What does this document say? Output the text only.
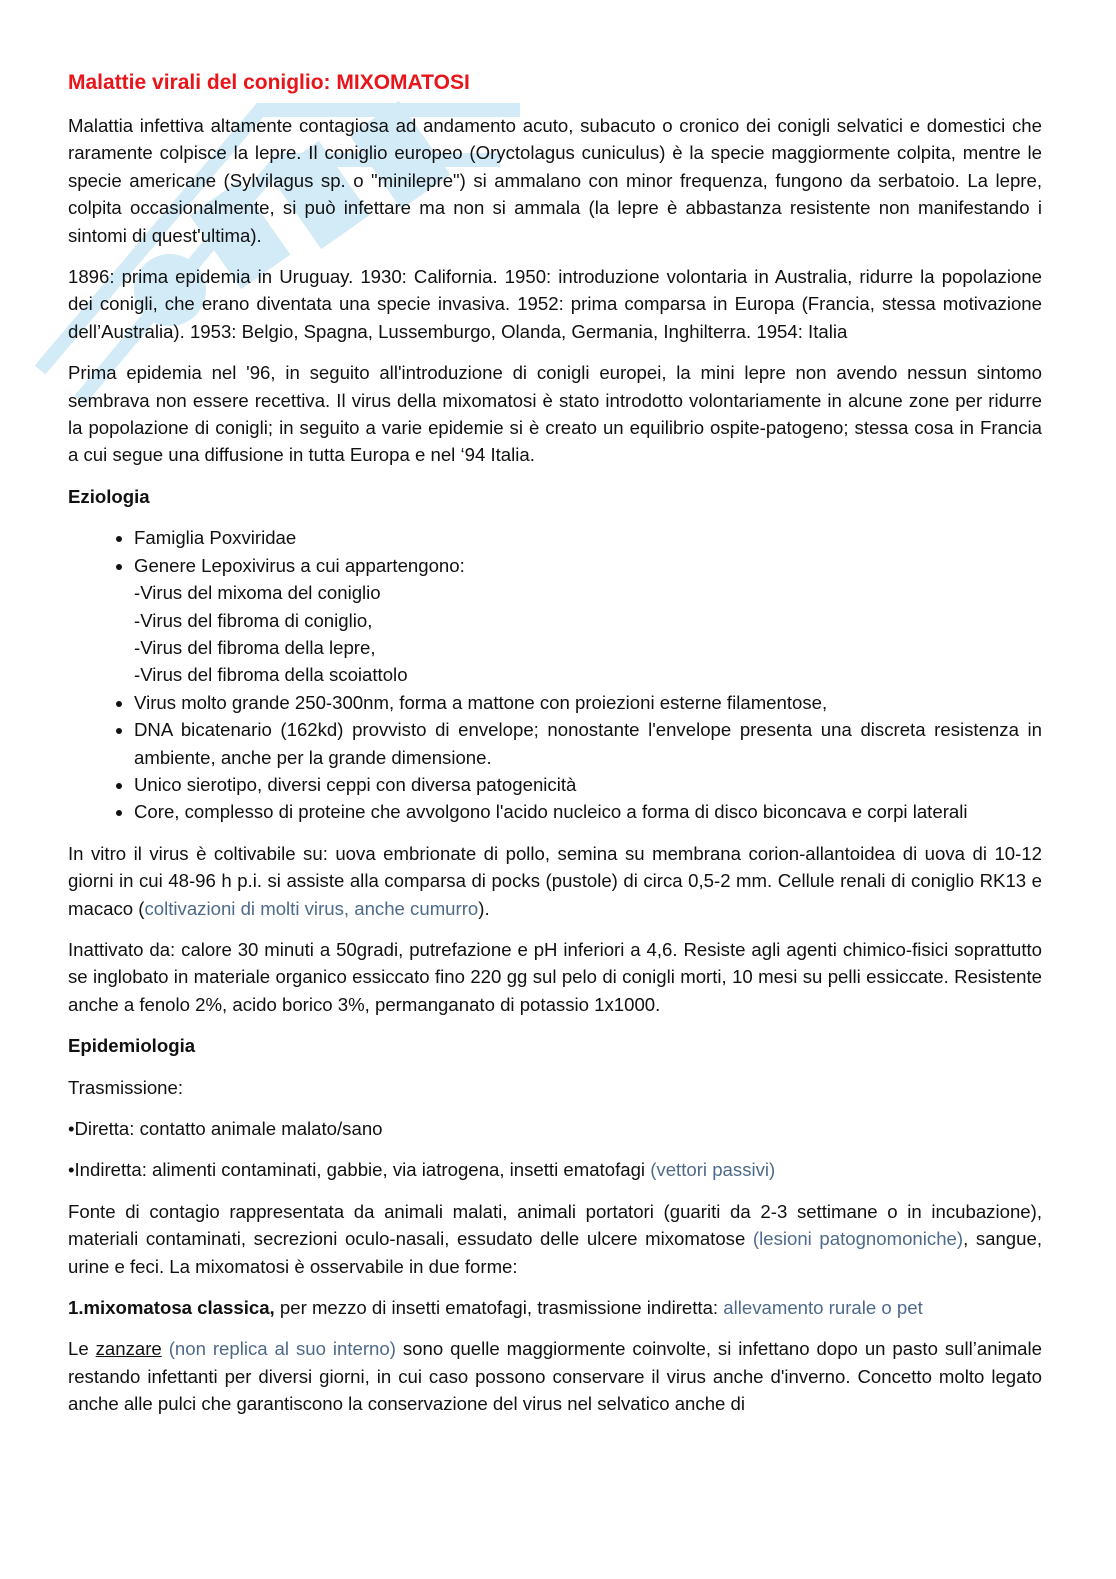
Malattie virali del coniglio: MIXOMATOSI

Malattia infettiva altamente contagiosa ad andamento acuto, subacuto o cronico dei conigli selvatici e domestici che raramente colpisce la lepre. Il coniglio europeo (Oryctolagus cuniculus) è la specie maggiormente colpita, mentre le specie americane (Sylvilagus sp. o "minilepre") si ammalano con minor frequenza, fungono da serbatoio. La lepre, colpita occasionalmente, si può infettare ma non si ammala (la lepre è abbastanza resistente non manifestando i sintomi di quest'ultima).

1896: prima epidemia in Uruguay. 1930: California. 1950: introduzione volontaria in Australia, ridurre la popolazione dei conigli, che erano diventata una specie invasiva. 1952: prima comparsa in Europa (Francia, stessa motivazione dell’Australia). 1953: Belgio, Spagna, Lussemburgo, Olanda, Germania, Inghilterra. 1954: Italia

Prima epidemia nel '96, in seguito all'introduzione di conigli europei, la mini lepre non avendo nessun sintomo sembrava non essere recettiva. Il virus della mixomatosi è stato introdotto volontariamente in alcune zone per ridurre la popolazione di conigli; in seguito a varie epidemie si è creato un equilibrio ospite-patogeno; stessa cosa in Francia a cui segue una diffusione in tutta Europa e nel ‘94 Italia.

Eziologia
• Famiglia Poxviridae
• Genere Lepoxivirus a cui appartengono:
-Virus del mixoma del coniglio
-Virus del fibroma di coniglio,
-Virus del fibroma della lepre,
-Virus del fibroma della scoiattolo
• Virus molto grande 250-300nm, forma a mattone con proiezioni esterne filamentose,
• DNA bicatenario (162kd) provvisto di envelope; nonostante l'envelope presenta una discreta resistenza in ambiente, anche per la grande dimensione.
• Unico sierotipo, diversi ceppi con diversa patogenicità
• Core, complesso di proteine che avvolgono l'acido nucleico a forma di disco biconcava e corpi laterali

In vitro il virus è coltivabile su: uova embrionate di pollo, semina su membrana corion-allantoidea di uova di 10-12 giorni in cui 48-96 h p.i. si assiste alla comparsa di pocks (pustole) di circa 0,5-2 mm. Cellule renali di coniglio RK13 e macaco (coltivazioni di molti virus, anche cumurro).

Inattivato da: calore 30 minuti a 50gradi, putrefazione e pH inferiori a 4,6. Resiste agli agenti chimico-fisici soprattutto se inglobato in materiale organico essiccato fino 220 gg sul pelo di conigli morti, 10 mesi su pelli essiccate. Resistente anche a fenolo 2%, acido borico 3%, permanganato di potassio 1x1000.

Epidemiologia
Trasmissione:
•Diretta: contatto animale malato/sano
•Indiretta: alimenti contaminati, gabbie, via iatrogena, insetti ematofagi (vettori passivi)

Fonte di contagio rappresentata da animali malati, animali portatori (guariti da 2-3 settimane o in incubazione), materiali contaminati, secrezioni oculo-nasali, essudato delle ulcere mixomatose (lesioni patognomoniche), sangue, urine e feci. La mixomatosi è osservabile in due forme:

1.mixomatosa classica, per mezzo di insetti ematofagi, trasmissione indiretta: allevamento rurale o pet

Le zanzare (non replica al suo interno) sono quelle maggiormente coinvolte, si infettano dopo un pasto sull’animale restando infettanti per diversi giorni, in cui caso possono conservare il virus anche d'inverno. Concetto molto legato anche alle pulci che garantiscono la conservazione del virus nel selvatico anche di
